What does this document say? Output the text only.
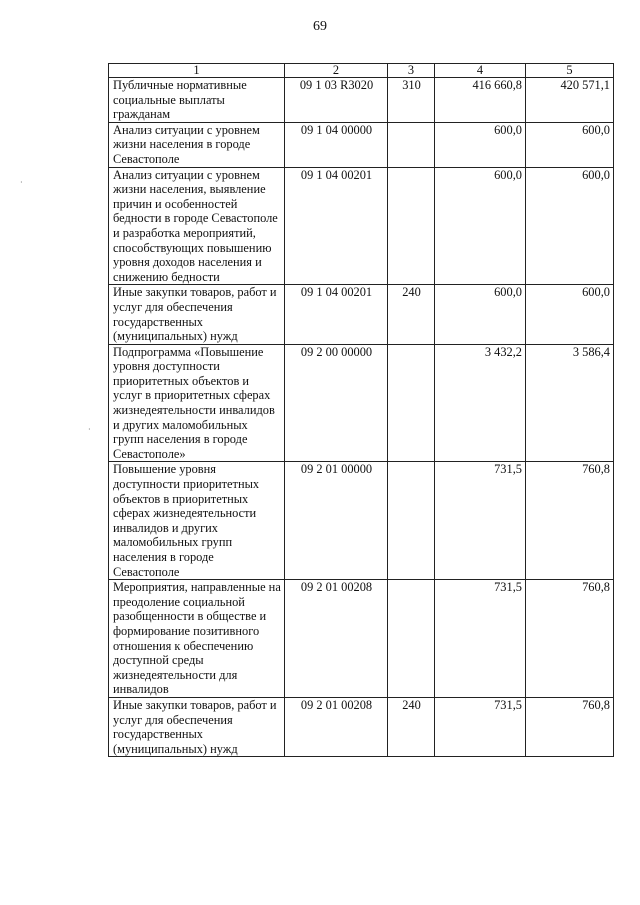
69
1	2	3	4	5
Публичные нормативные социальные выплаты гражданам	09 1 03 R3020	310	416 660,8	420 571,1
Анализ ситуации с уровнем жизни населения в городе Севастополе	09 1 04 00000		600,0	600,0
Анализ ситуации с уровнем жизни населения, выявление причин и особенностей бедности в городе Севастополе и разработка мероприятий, способствующих повышению уровня доходов населения и снижению бедности	09 1 04 00201		600,0	600,0
Иные закупки товаров, работ и услуг для обеспечения государственных (муниципальных) нужд	09 1 04 00201	240	600,0	600,0
Подпрограмма «Повышение уровня доступности приоритетных объектов и услуг в приоритетных сферах жизнедеятельности инвалидов и других маломобильных групп населения в городе Севастополе»	09 2 00 00000		3 432,2	3 586,4
Повышение уровня доступности приоритетных объектов в приоритетных сферах жизнедеятельности инвалидов и других маломобильных групп населения в городе Севастополе	09 2 01 00000		731,5	760,8
Мероприятия, направленные на преодоление социальной разобщенности в обществе и формирование позитивного отношения к обеспечению доступной среды жизнедеятельности для инвалидов	09 2 01 00208		731,5	760,8
Иные закупки товаров, работ и услуг для обеспечения государственных (муниципальных) нужд	09 2 01 00208	240	731,5	760,8
·
·
